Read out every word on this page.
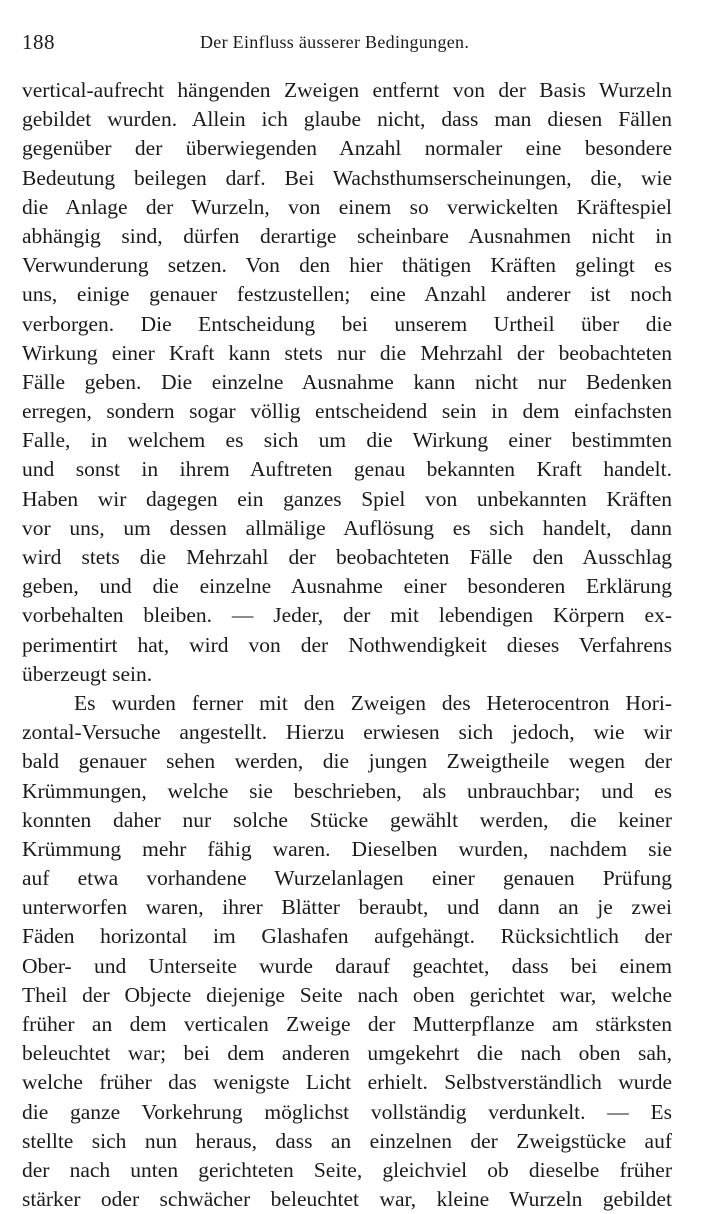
188	Der Einfluss äusserer Bedingungen.
vertical-aufrecht hängenden Zweigen entfernt von der Basis Wurzeln
gebildet wurden. Allein ich glaube nicht, dass man diesen Fällen
gegenüber der überwiegenden Anzahl normaler eine besondere
Bedeutung beilegen darf. Bei Wachsthumserscheinungen, die, wie
die Anlage der Wurzeln, von einem so verwickelten Kräftespiel
abhängig sind, dürfen derartige scheinbare Ausnahmen nicht in
Verwunderung setzen. Von den hier thätigen Kräften gelingt es
uns, einige genauer festzustellen; eine Anzahl anderer ist noch
verborgen. Die Entscheidung bei unserem Urtheil über die
Wirkung einer Kraft kann stets nur die Mehrzahl der beobachteten
Fälle geben. Die einzelne Ausnahme kann nicht nur Bedenken
erregen, sondern sogar völlig entscheidend sein in dem einfachsten
Falle, in welchem es sich um die Wirkung einer bestimmten
und sonst in ihrem Auftreten genau bekannten Kraft handelt.
Haben wir dagegen ein ganzes Spiel von unbekannten Kräften
vor uns, um dessen allmälige Auflösung es sich handelt, dann
wird stets die Mehrzahl der beobachteten Fälle den Ausschlag
geben, und die einzelne Ausnahme einer besonderen Erklärung
vorbehalten bleiben. — Jeder, der mit lebendigen Körpern ex-
perimentirt hat, wird von der Nothwendigkeit dieses Verfahrens
überzeugt sein.
Es wurden ferner mit den Zweigen des Heterocentron Hori-
zontal-Versuche angestellt. Hierzu erwiesen sich jedoch, wie wir
bald genauer sehen werden, die jungen Zweigtheile wegen der
Krümmungen, welche sie beschrieben, als unbrauchbar; und es
konnten daher nur solche Stücke gewählt werden, die keiner
Krümmung mehr fähig waren. Dieselben wurden, nachdem sie
auf etwa vorhandene Wurzelanlagen einer genauen Prüfung
unterworfen waren, ihrer Blätter beraubt, und dann an je zwei
Fäden horizontal im Glashafen aufgehängt. Rücksichtlich der
Ober- und Unterseite wurde darauf geachtet, dass bei einem
Theil der Objecte diejenige Seite nach oben gerichtet war, welche
früher an dem verticalen Zweige der Mutterpflanze am stärksten
beleuchtet war; bei dem anderen umgekehrt die nach oben sah,
welche früher das wenigste Licht erhielt. Selbstverständlich wurde
die ganze Vorkehrung möglichst vollständig verdunkelt. — Es
stellte sich nun heraus, dass an einzelnen der Zweigstücke auf
der nach unten gerichteten Seite, gleichviel ob dieselbe früher
stärker oder schwächer beleuchtet war, kleine Wurzeln gebildet
